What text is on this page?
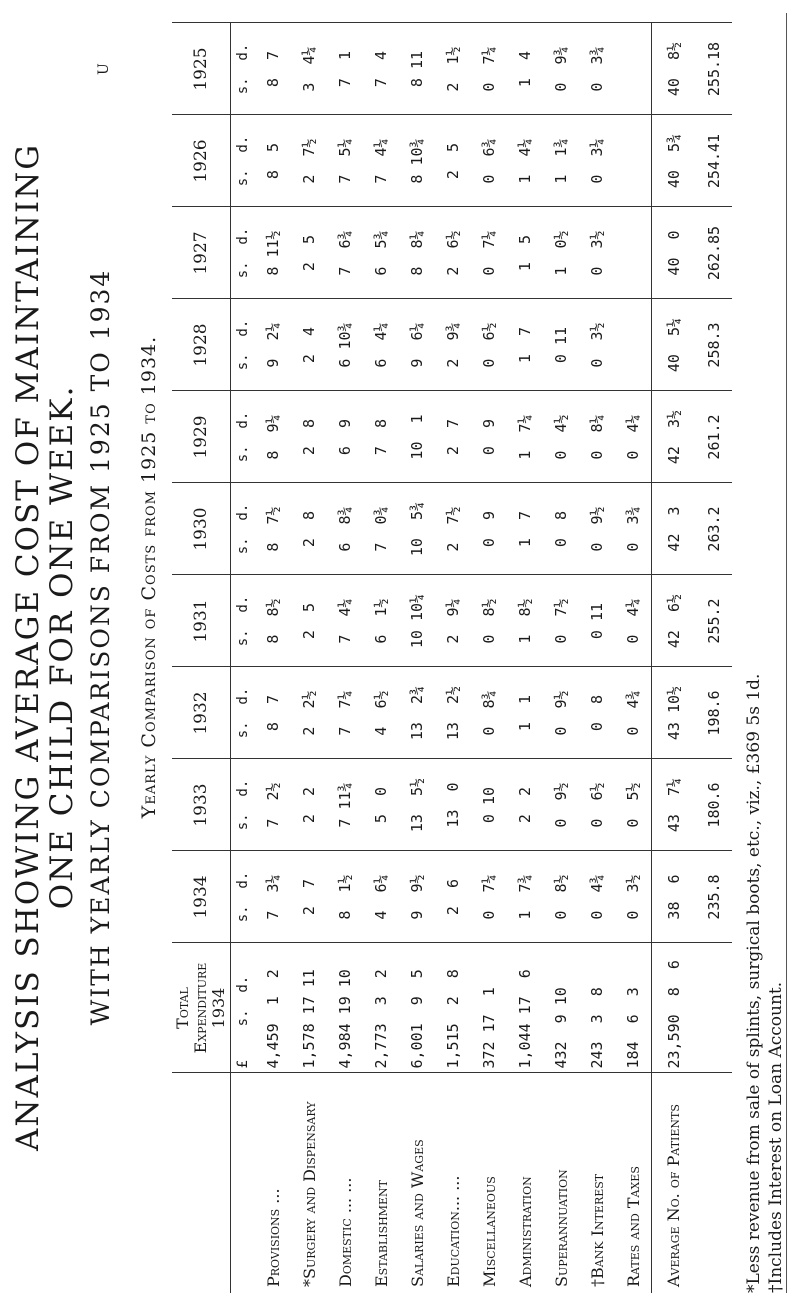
ANALYSIS SHOWING AVERAGE COST OF MAINTAINING
ONE CHILD FOR ONE WEEK. WITH YEARLY COMPARISONS FROM 1925 TO 1934
U
Yearly Comparison of Costs from 1925 to 1934.
	Total Expenditure 1934	1934	1933	1932	1931	1930	1929	1928	1927	1926	1925
	£    s.  d.	s.  d.	s.  d.	s.  d.	s.  d.	s.  d.	s.  d.	s.  d.	s.  d.	s.  d.	s.  d.
Provisions ...	4,459  1  2	7  3¼	7  2½	8  7	8  8½	8  7½	8  9¼	9  2¼	8 11½	8  5	8  7
*Surgery and Dispensary	1,578 17 11	2  7	2  2	2  2½	2  5	2  8	2  8	2  4	2  5	2  7½	3  4¼
Domestic ... ...	4,984 19 10	8  1½	7 11¾	7  7¼	7  4¼	6  8¾	6  9	6 10¾	7  6¾	7  5¼	7  1
Establishment	2,773  3  2	4  6¼	5  0	4  6½	6  1½	7  0¾	7  8	6  4¼	6  5¾	7  4¼	7  4
Salaries and Wages	6,001  9  5	9  9½	13  5½	13  2¾	10 10¼	10  5¾	10  1	9  6¼	8  8¼	8 10¾	8 11
Education... ...	1,515  2  8	2  6	13  0	13  2½	2  9¼	2  7½	2  7	2  9¾	2  6½	2  5	2  1½
Miscellaneous	372 17  1	0  7¼	0 10	0  8¾	0  8½	0  9	0  9	0  6½	0  7¼	0  6¾	0  7¼
Administration	1,044 17  6	1  7¾	2  2	1  1	1  8½	1  7	1  7¼	1  7	1  5	1  4¼	1  4
Superannuation	432  9 10	0  8½	0  9½	0  9½	0  7½	0  8	0  4½	0 11	1  0½	1  1¾	0  9¾
†Bank Interest	243  3  8	0  4¾	0  6½	0  8	0 11	0  9½	0  8¼	0  3½	0  3½	0  3¼	0  3¾
Rates and Taxes	184  6  3	0  3½	0  5½	0  4¾	0  4¼	0  3¾	0  4¼				
Average No. of Patients	23,590  8  6	38  6	43  7¼	43 10½	42  6½	42  3	42  3½	40  5¼	40  0	40  5¾	40  8½
		235.8	180.6	198.6	255.2	263.2	261.2	258.3	262.85	254.41	255.18
*Less revenue from sale of splints, surgical boots, etc., viz., £369 5s 1d. †Includes Interest on Loan Account.
